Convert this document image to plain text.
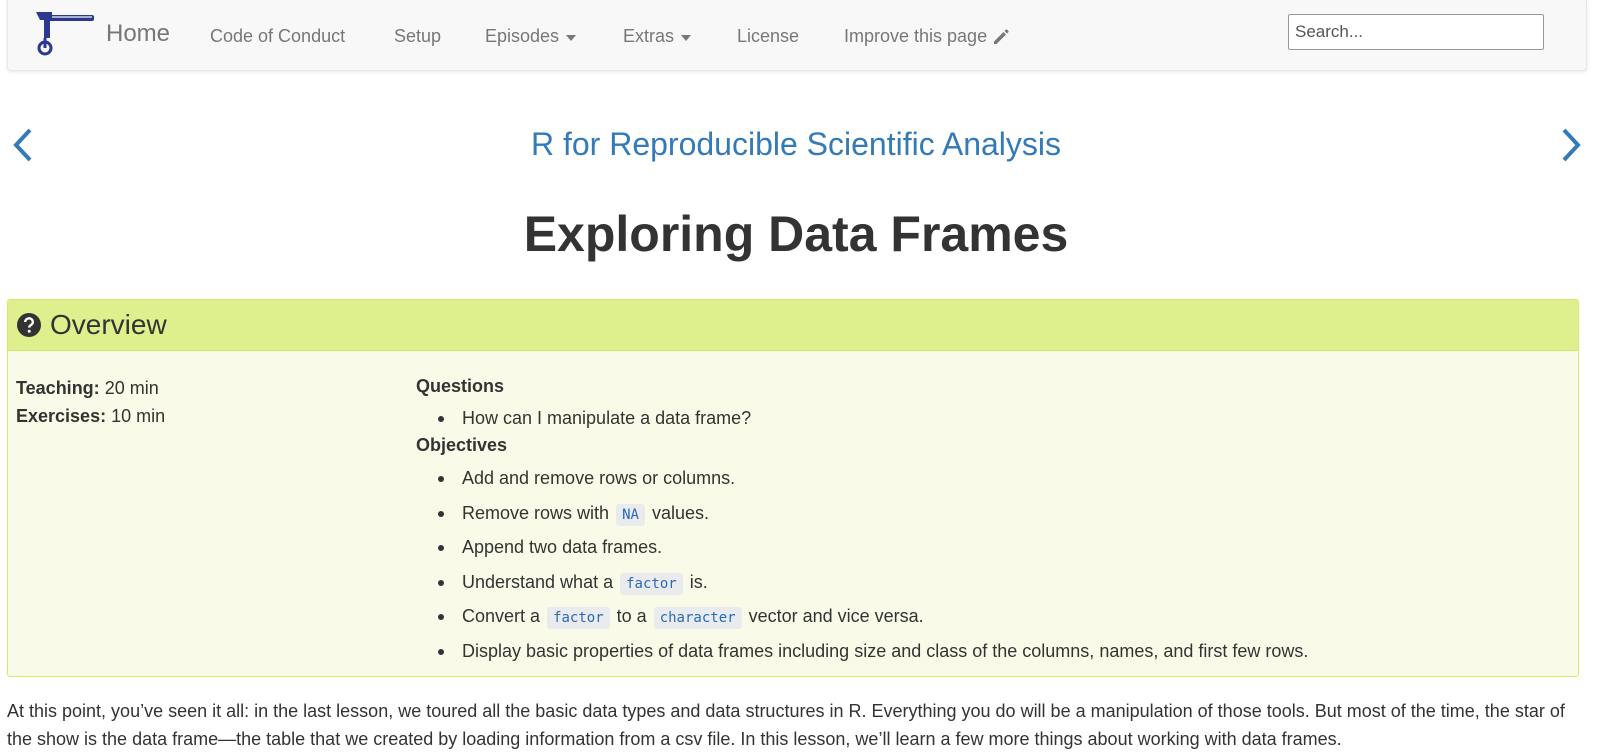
Home Code of Conduct	Setup Episodes	Extras	License Improve this page
Search...
R for Reproducible Scientific Analysis
Exploring Data Frames
Overview
Teaching: 20 min
Exercises: 10 min
Questions
How can I manipulate a data frame?
Objectives
Add and remove rows or columns.
Remove rows with NA values.
Append two data frames.
Understand what a factor is.
Convert a factor to a character vector and vice versa.
Display basic properties of data frames including size and class of the columns, names, and first few rows.

At this point, you’ve seen it all: in the last lesson, we toured all the basic data types and data structures in R. Everything you do will be a manipulation of those tools. But most of the time, the star of the show is the data frame—the table that we created by loading information from a csv file. In this lesson, we’ll learn a few more things about working with data frames.
